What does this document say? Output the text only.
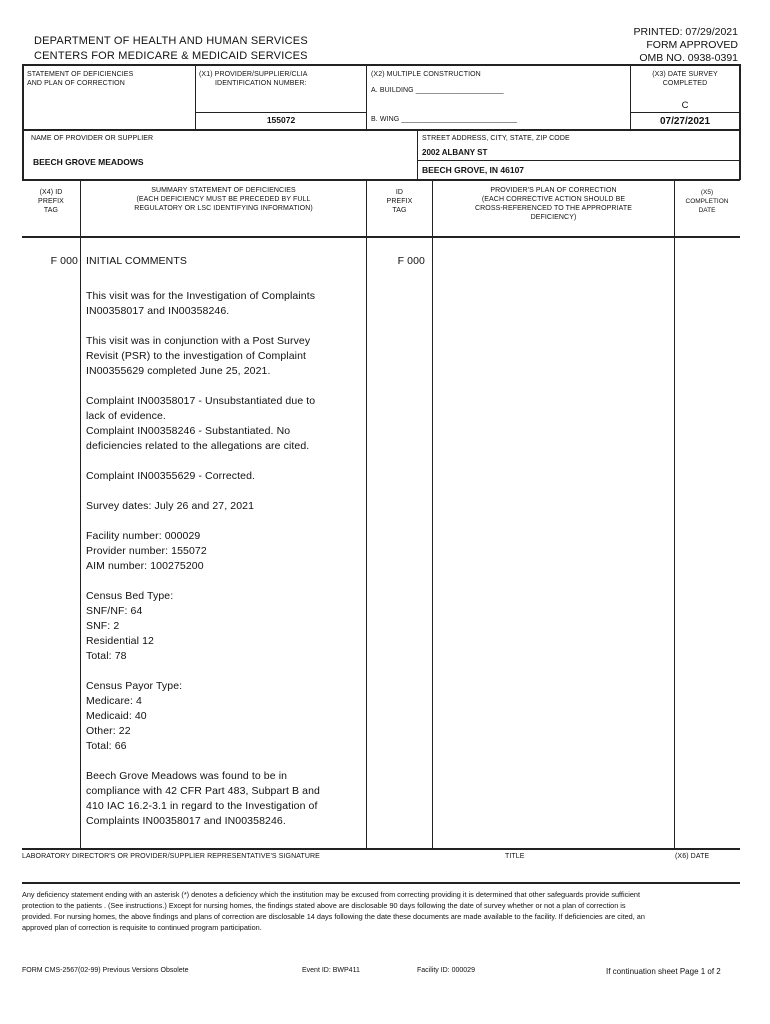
DEPARTMENT OF HEALTH AND HUMAN SERVICES
CENTERS FOR MEDICARE & MEDICAID SERVICES
PRINTED: 07/29/2021
FORM APPROVED
OMB NO. 0938-0391
STATEMENT OF DEFICIENCIES
AND PLAN OF CORRECTION
(X1) PROVIDER/SUPPLIER/CLIA
IDENTIFICATION NUMBER:
155072
(X2) MULTIPLE CONSTRUCTION
A. BUILDING ______________________
B. WING _____________________________
(X3) DATE SURVEY
COMPLETED
C
07/27/2021
NAME OF PROVIDER OR SUPPLIER
BEECH GROVE MEADOWS
STREET ADDRESS, CITY, STATE, ZIP CODE
2002 ALBANY ST
BEECH GROVE, IN 46107
(X4) ID
PREFIX
TAG
SUMMARY STATEMENT OF DEFICIENCIES
(EACH DEFICIENCY MUST BE PRECEDED BY FULL
REGULATORY OR LSC IDENTIFYING INFORMATION)
ID
PREFIX
TAG
PROVIDER'S PLAN OF CORRECTION
(EACH CORRECTIVE ACTION SHOULD BE
CROSS-REFERENCED TO THE APPROPRIATE
DEFICIENCY)
(X5)
COMPLETION
DATE
F 000	F 000
INITIAL COMMENTS

This visit was for the Investigation of Complaints
IN00358017 and IN00358246.

This visit was in conjunction with a Post Survey
Revisit (PSR) to the investigation of Complaint
IN00355629 completed June 25, 2021.

Complaint IN00358017 - Unsubstantiated due to
lack of evidence.
Complaint IN00358246 - Substantiated. No
deficiencies related to the allegations are cited.

Complaint IN00355629 - Corrected.

Survey dates: July 26 and 27, 2021

Facility number: 000029
Provider number: 155072
AIM number: 100275200

Census Bed Type:
SNF/NF: 64
SNF: 2
Residential 12
Total: 78

Census Payor Type:
Medicare: 4
Medicaid: 40
Other: 22
Total: 66

Beech Grove Meadows was found to be in
compliance with 42 CFR Part 483, Subpart B and
410 IAC 16.2-3.1 in regard to the Investigation of
Complaints IN00358017 and IN00358246.

LABORATORY DIRECTOR'S OR PROVIDER/SUPPLIER REPRESENTATIVE'S SIGNATURE	TITLE	(X6) DATE
Any deficiency statement ending with an asterisk (*) denotes a deficiency which the institution may be excused from correcting providing it is determined that other safeguards provide sufficient protection to the patients . (See instructions.) Except for nursing homes, the findings stated above are disclosable 90 days following the date of survey whether or not a plan of correction is provided. For nursing homes, the above findings and plans of correction are disclosable 14 days following the date these documents are made available to the facility. If deficiencies are cited, an approved plan of correction is requisite to continued program participation.
FORM CMS-2567(02-99) Previous Versions Obsolete	Event ID: BWP411	Facility ID: 000029	If continuation sheet Page 1 of 2
